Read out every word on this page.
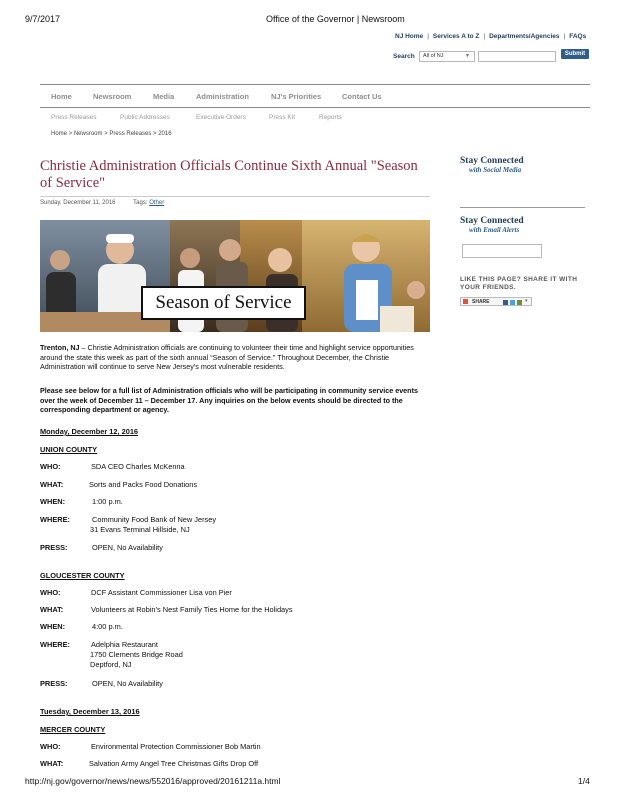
9/7/2017	Office of the Governor | Newsroom
NJ Home | Services A to Z | Departments/Agencies | FAQs
Search	All of NJ	▼	Submit
Home	Newsroom	Media	Administration	NJ's Priorities	Contact Us
Press Releases	Public Addresses	Executive Orders	Press Kit	Reports
Home > Newsroom > Press Releases > 2016
Christie Administration Officials Continue Sixth Annual "Season of Service"
Sunday, December 11, 2016	Tags: Other
Season of Service
Trenton, NJ – Christie Administration officials are continuing to volunteer their time and highlight service opportunities around the state this week as part of the sixth annual “Season of Service.” Throughout December, the Christie Administration will continue to serve New Jersey’s most vulnerable residents.
Please see below for a full list of Administration officials who will be participating in community service events over the week of December 11 – December 17. Any inquiries on the below events should be directed to the corresponding department or agency.
Monday, December 12, 2016
UNION COUNTY
WHO:	SDA CEO Charles McKenna
WHAT:	Sorts and Packs Food Donations
WHEN:	1:00 p.m.
WHERE:	Community Food Bank of New Jersey
31 Evans Terminal Hillside, NJ
PRESS:	OPEN, No Availability
GLOUCESTER COUNTY
WHO:	DCF Assistant Commissioner Lisa von Pier
WHAT:	Volunteers at Robin’s Nest Family Ties Home for the Holidays
WHEN:	4:00 p.m.
WHERE:	Adelphia Restaurant
1750 Clements Bridge Road
Deptford, NJ
PRESS:	OPEN, No Availability
Tuesday, December 13, 2016
MERCER COUNTY
WHO:	Environmental Protection Commissioner Bob Martin
WHAT:	Salvation Army Angel Tree Christmas Gifts Drop Off
Stay Connected
with Social Media
Stay Connected
with Email Alerts
LIKE THIS PAGE? SHARE IT WITH YOUR FRIENDS.
SHARE	▾
http://nj.gov/governor/news/news/552016/approved/20161211a.html	1/4
